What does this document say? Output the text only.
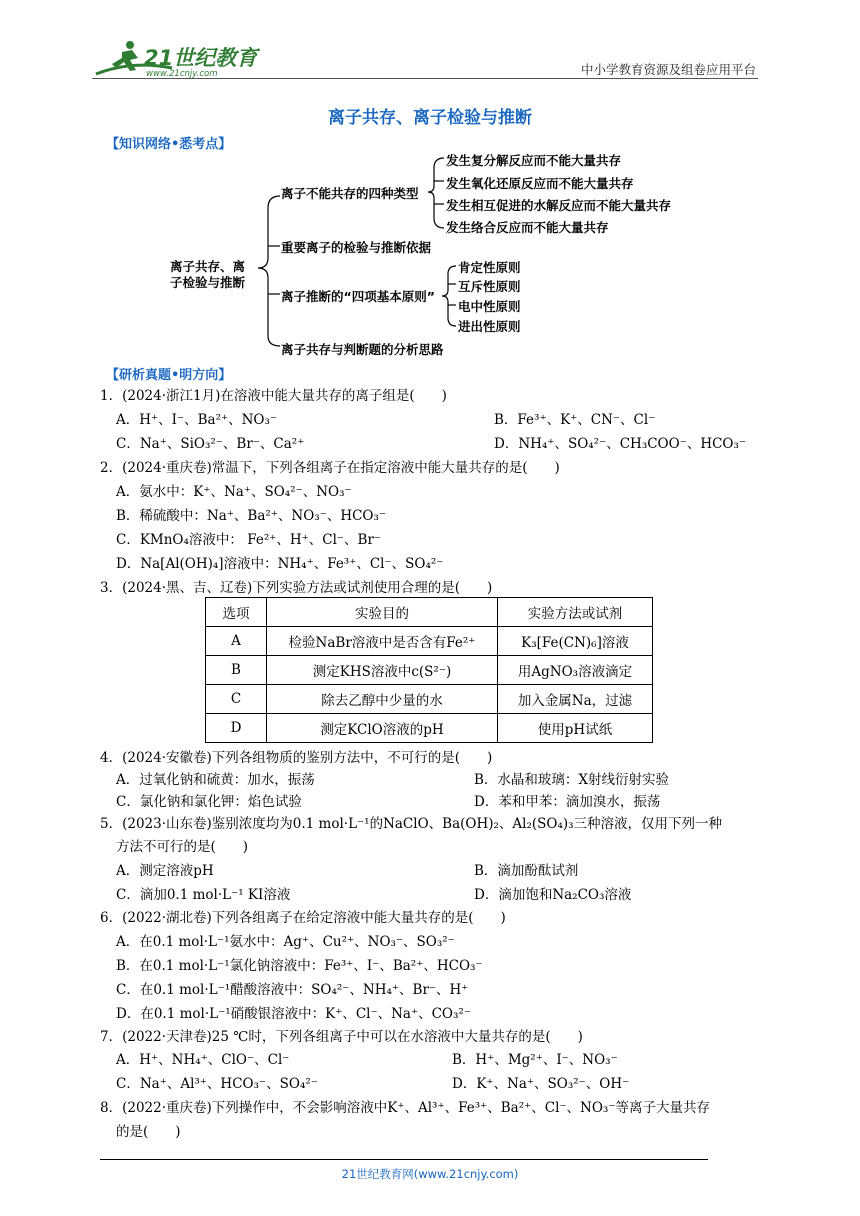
21世纪教育
www.21cnjy.com	中小学教育资源及组卷应用平台
离子共存、离子检验与推断
【知识网络•悉考点】
离子共存、离
子检验与推断
离子不能共存的四种类型
发生复分解反应而不能大量共存
发生氧化还原反应而不能大量共存
发生相互促进的水解反应而不能大量共存
发生络合反应而不能大量共存
重要离子的检验与推断依据
离子推断的“四项基本原则”
肯定性原则
互斥性原则
电中性原则
进出性原则
离子共存与判断题的分析思路
【研析真题•明方向】
1．(2024·浙江1月)在溶液中能大量共存的离子组是(　　)
A．H⁺、I⁻、Ba²⁺、NO₃⁻	B．Fe³⁺、K⁺、CN⁻、Cl⁻
C．Na⁺、SiO₃²⁻、Br⁻、Ca²⁺	D．NH₄⁺、SO₄²⁻、CH₃COO⁻、HCO₃⁻
2．(2024·重庆卷)常温下，下列各组离子在指定溶液中能大量共存的是(　　)
A．氨水中：K⁺、Na⁺、SO₄²⁻、NO₃⁻
B．稀硫酸中：Na⁺、Ba²⁺、NO₃⁻、HCO₃⁻
C．KMnO₄溶液中： Fe²⁺、H⁺、Cl⁻、Br⁻
D．Na[Al(OH)₄]溶液中：NH₄⁺、Fe³⁺、Cl⁻、SO₄²⁻
3．(2024·黑、吉、辽卷)下列实验方法或试剂使用合理的是(　　)
选项	实验目的	实验方法或试剂
A	检验NaBr溶液中是否含有Fe²⁺	K₃[Fe(CN)₆]溶液
B	测定KHS溶液中c(S²⁻)	用AgNO₃溶液滴定
C	除去乙醇中少量的水	加入金属Na，过滤
D	测定KClO溶液的pH	使用pH试纸
4．(2024·安徽卷)下列各组物质的鉴别方法中，不可行的是(　　)
A．过氧化钠和硫黄：加水，振荡	B．水晶和玻璃：X射线衍射实验
C．氯化钠和氯化钾：焰色试验	D．苯和甲苯：滴加溴水，振荡
5．(2023·山东卷)鉴别浓度均为0.1 mol·L⁻¹的NaClO、Ba(OH)₂、Al₂(SO₄)₃三种溶液，仅用下列一种
方法不可行的是(　　)
A．测定溶液pH	B．滴加酚酞试剂
C．滴加0.1 mol·L⁻¹ KI溶液	D．滴加饱和Na₂CO₃溶液
6．(2022·湖北卷)下列各组离子在给定溶液中能大量共存的是(　　)
A．在0.1 mol·L⁻¹氨水中：Ag⁺、Cu²⁺、NO₃⁻、SO₃²⁻
B．在0.1 mol·L⁻¹氯化钠溶液中：Fe³⁺、I⁻、Ba²⁺、HCO₃⁻
C．在0.1 mol·L⁻¹醋酸溶液中：SO₄²⁻、NH₄⁺、Br⁻、H⁺
D．在0.1 mol·L⁻¹硝酸银溶液中：K⁺、Cl⁻、Na⁺、CO₃²⁻
7．(2022·天津卷)25 ℃时，下列各组离子中可以在水溶液中大量共存的是(　　)
A．H⁺、NH₄⁺、ClO⁻、Cl⁻	B．H⁺、Mg²⁺、I⁻、NO₃⁻
C．Na⁺、Al³⁺、HCO₃⁻、SO₄²⁻	D．K⁺、Na⁺、SO₃²⁻、OH⁻
8．(2022·重庆卷)下列操作中，不会影响溶液中K⁺、Al³⁺、Fe³⁺、Ba²⁺、Cl⁻、NO₃⁻等离子大量共存
的是(　　)
21世纪教育网(www.21cnjy.com)
